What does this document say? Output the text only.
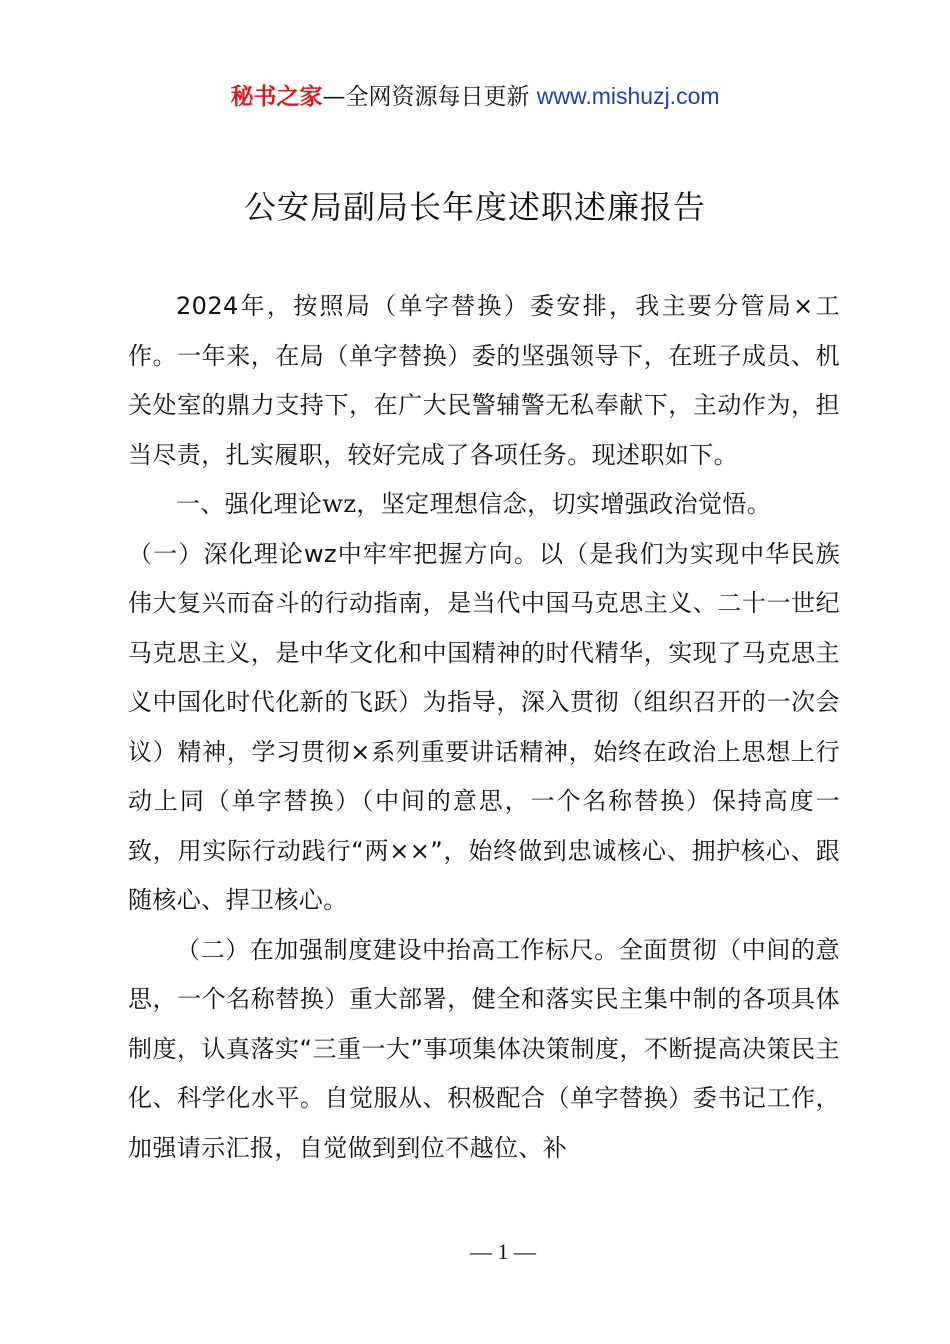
秘书之家—全网资源每日更新 www.mishuzj.com
公安局副局长年度述职述廉报告

2024年，按照局（单字替换）委安排，我主要分管局×工作。一年来，在局（单字替换）委的坚强领导下，在班子成员、机关处室的鼎力支持下，在广大民警辅警无私奉献下，主动作为，担当尽责，扎实履职，较好完成了各项任务。现述职如下。

一、强化理论wz，坚定理想信念，切实增强政治觉悟。

（一）深化理论wz中牢牢把握方向。以（是我们为实现中华民族伟大复兴而奋斗的行动指南，是当代中国马克思主义、二十一世纪马克思主义，是中华文化和中国精神的时代精华，实现了马克思主义中国化时代化新的飞跃）为指导，深入贯彻（组织召开的一次会议）精神，学习贯彻×系列重要讲话精神，始终在政治上思想上行动上同（单字替换）（中间的意思，一个名称替换）保持高度一致，用实际行动践行“两××”，始终做到忠诚核心、拥护核心、跟随核心、捍卫核心。

（二）在加强制度建设中抬高工作标尺。全面贯彻（中间的意思，一个名称替换）重大部署，健全和落实民主集中制的各项具体制度，认真落实“三重一大”事项集体决策制度，不断提高决策民主化、科学化水平。自觉服从、积极配合（单字替换）委书记工作，加强请示汇报，自觉做到到位不越位、补

— 1 —
